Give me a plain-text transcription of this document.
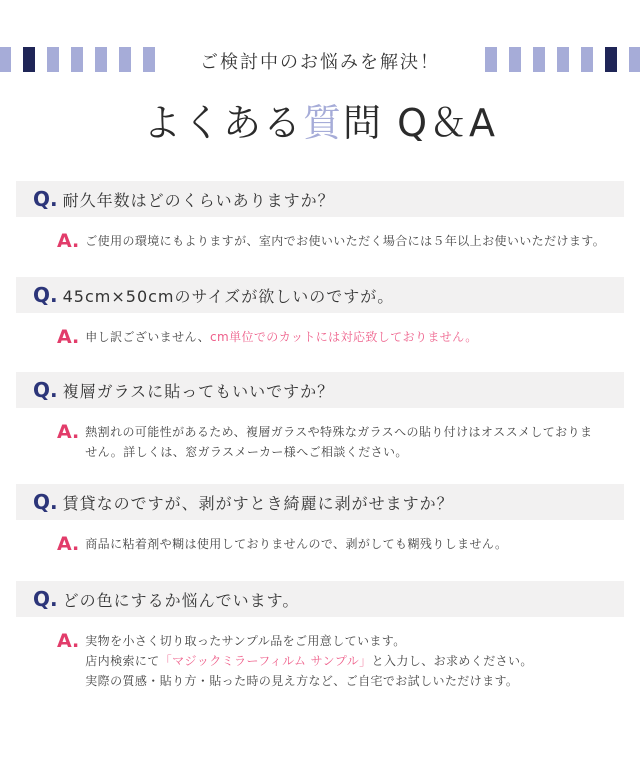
ご検討中のお悩みを解決！
よくある質問 Q＆A
Q. 耐久年数はどのくらいありますか？
A. ご使用の環境にもよりますが、室内でお使いいただく場合には５年以上お使いいただけます。
Q. 45cm×50cmのサイズが欲しいのですが。
A. 申し訳ございません、cm単位でのカットには対応致しておりません。
Q. 複層ガラスに貼ってもいいですか？
A. 熱割れの可能性があるため、複層ガラスや特殊なガラスへの貼り付けはオススメしておりま
せん。詳しくは、窓ガラスメーカー様へご相談ください。
Q. 賃貸なのですが、剥がすとき綺麗に剥がせますか？
A. 商品に粘着剤や糊は使用しておりませんので、剥がしても糊残りしません。
Q. どの色にするか悩んでいます。
A. 実物を小さく切り取ったサンプル品をご用意しています。
店内検索にて「マジックミラーフィルム サンプル」と入力し、お求めください。
実際の質感・貼り方・貼った時の見え方など、ご自宅でお試しいただけます。
